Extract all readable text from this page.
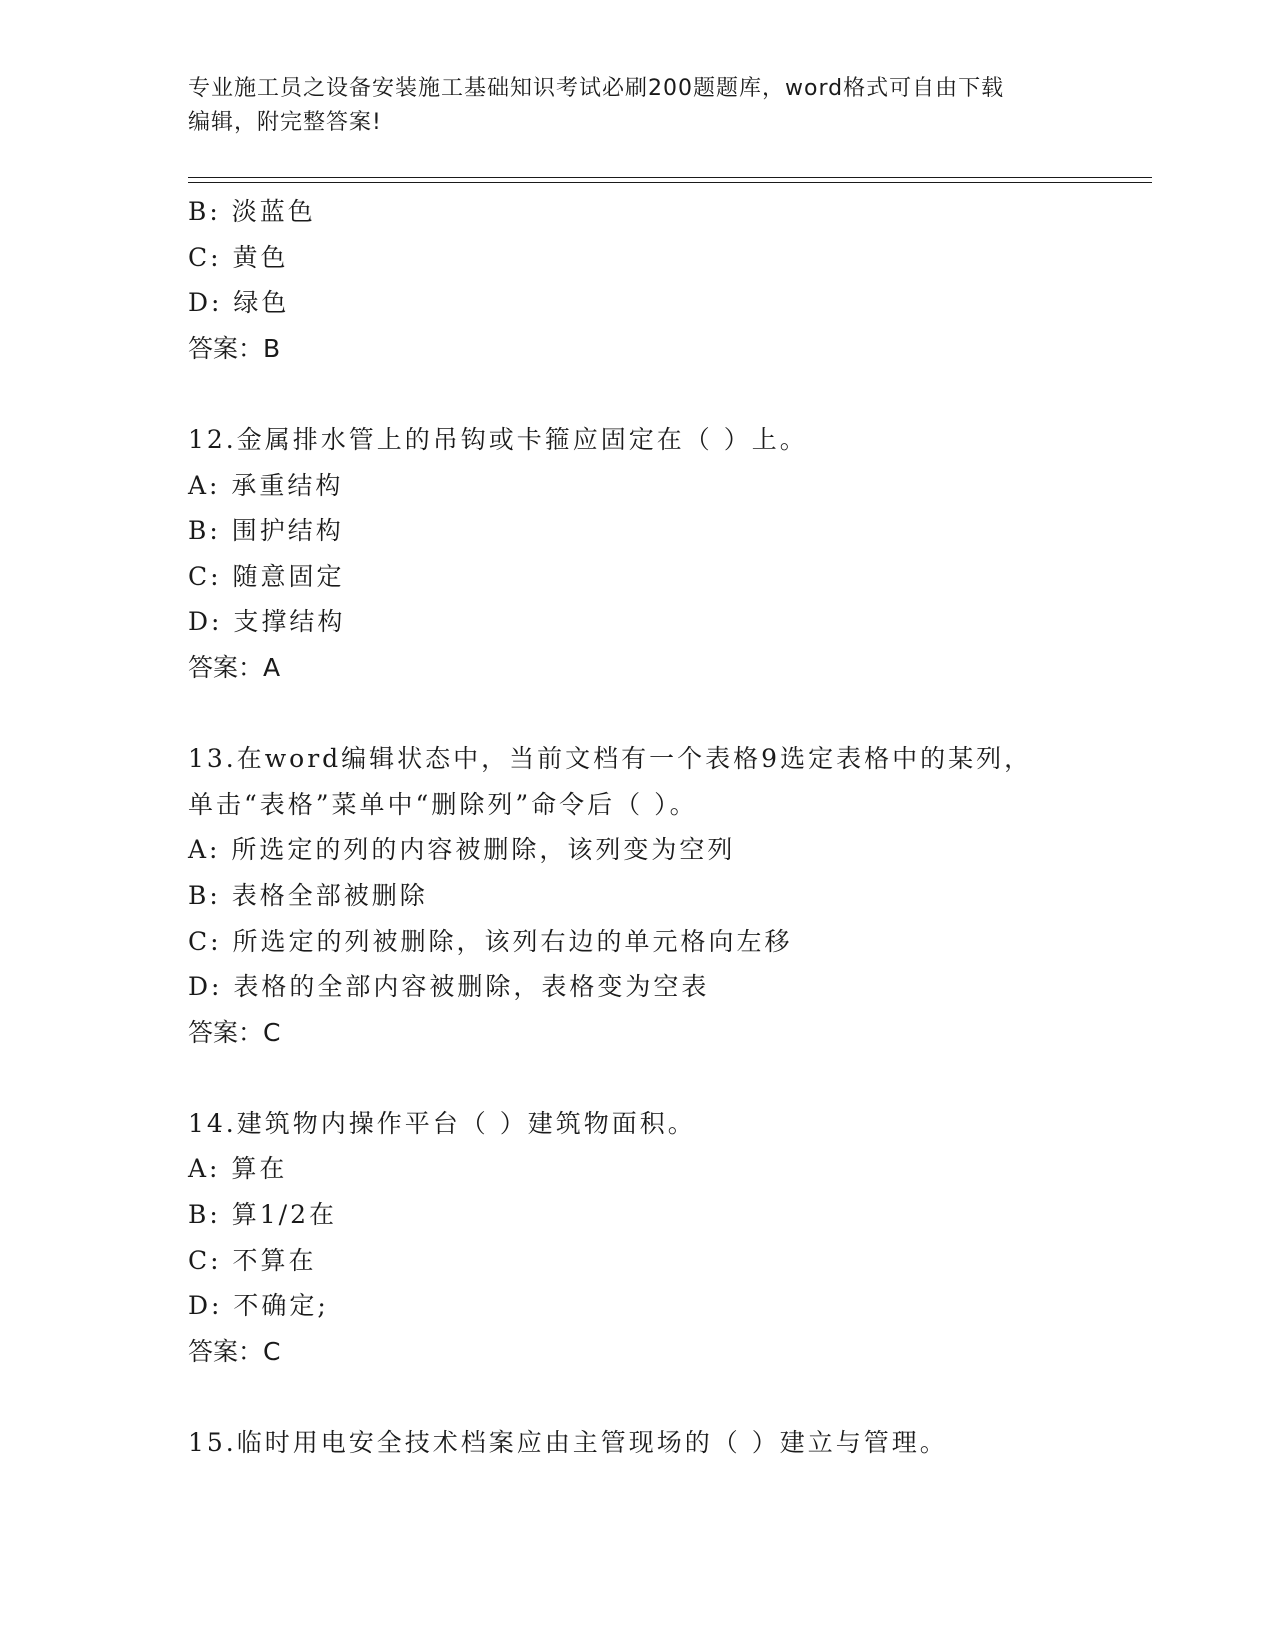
专业施工员之设备安装施工基础知识考试必刷200题题库，word格式可自由下载
编辑，附完整答案!
B: 淡蓝色
C: 黄色
D: 绿色
答案：B
12.金属排水管上的吊钩或卡箍应固定在（ ）上。
A: 承重结构
B: 围护结构
C: 随意固定
D: 支撑结构
答案：A
13.在word编辑状态中，当前文档有一个表格9选定表格中的某列，
单击“表格”菜单中“删除列”命令后（ ）。
A: 所选定的列的内容被删除，该列变为空列
B: 表格全部被删除
C: 所选定的列被删除，该列右边的单元格向左移
D: 表格的全部内容被删除，表格变为空表
答案：C
14.建筑物内操作平台（ ）建筑物面积。
A: 算在
B: 算1/2在
C: 不算在
D: 不确定;
答案：C
15.临时用电安全技术档案应由主管现场的（ ）建立与管理。
